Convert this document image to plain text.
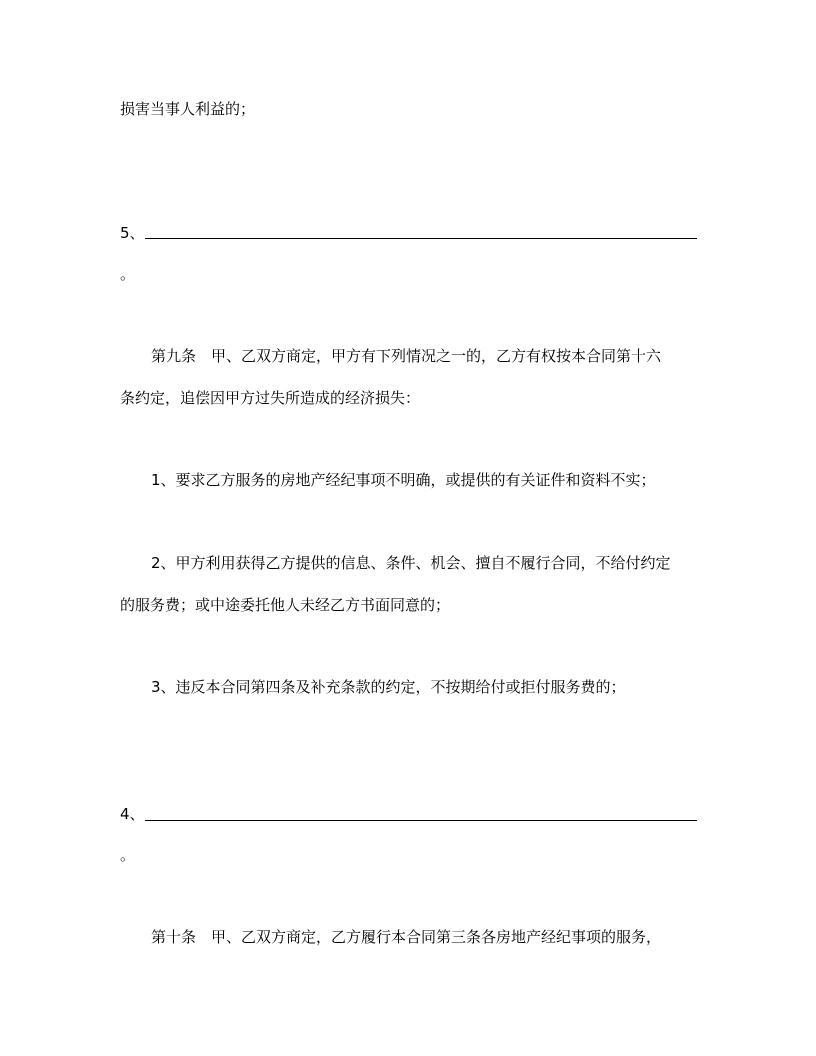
损害当事人利益的；
5、
。
第九条　甲、乙双方商定，甲方有下列情况之一的，乙方有权按本合同第十六
条约定，追偿因甲方过失所造成的经济损失：
1、要求乙方服务的房地产经纪事项不明确，或提供的有关证件和资料不实；
2、甲方利用获得乙方提供的信息、条件、机会、擅自不履行合同，不给付约定
的服务费；或中途委托他人未经乙方书面同意的；
3、违反本合同第四条及补充条款的约定，不按期给付或拒付服务费的；
4、
。
第十条　甲、乙双方商定，乙方履行本合同第三条各房地产经纪事项的服务，
